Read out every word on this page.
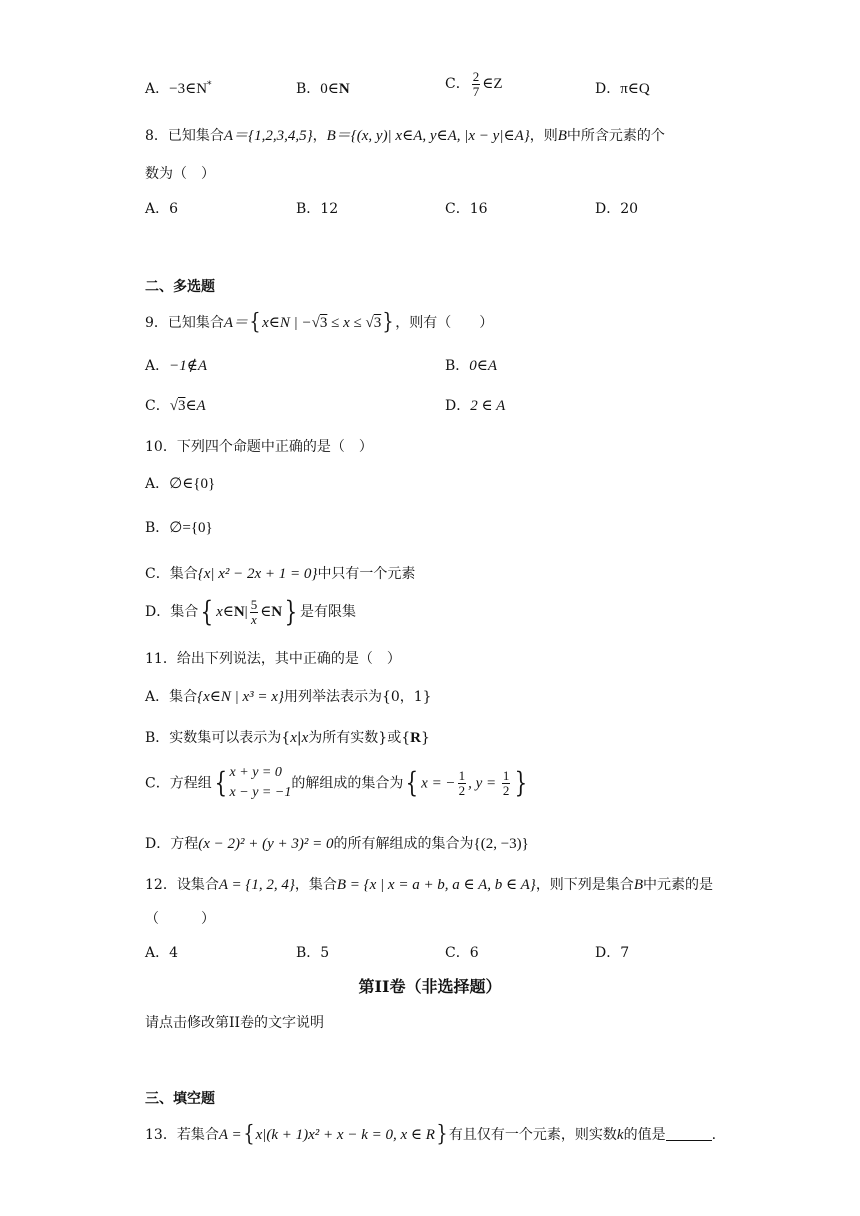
A．−3∈N*	B．0∈N	C． $\frac{2}{7}$ ∈Z	D．π∈Q
8．已知集合A＝{1,2,3,4,5}，B＝{(x, y)| x∈A, y∈A, |x − y|∈A}，则B中所含元素的个
数为（　）
A．6	B．12	C．16	D．20
二、多选题
9．已知集合A＝{x∈N | −√3 ≤ x ≤ √3}，则有（　　）
A．−1∉A	B．0∈A
C．√3∈A	D．2 ∈ A
10．下列四个命题中正确的是（　）
A．∅∈{0}
B．∅={0}
C．集合{x| x² − 2x + 1 = 0}中只有一个元素
D．集合{ x∈N| $\frac{5}{x}$ ∈N} 是有限集
11．给出下列说法，其中正确的是（　）
A．集合{x∈N | x³ = x}用列举法表示为{0，1}
B．实数集可以表示为{x|x为所有实数}或{R}
C．方程组{ x + y = 0
x − y = −1
的解组成的集合为{ x = − $\frac{1}{2}$ , $y = \frac{1}{2}$ }
D．方程(x − 2)² + (y + 3)² = 0的所有解组成的集合为{(2, −3)}
12．设集合A = {1, 2, 4}，集合B = {x | x = a + b, a ∈ A, b ∈ A}，则下列是集合B中元素的是
（　　　）
A．4	B．5	C．6	D．7
第II卷（非选择题）
请点击修改第II卷的文字说明
三、填空题
13．若集合A ={x|(k + 1)x² + x − k = 0, x ∈ R}有且仅有一个元素，则实数k的值是	.
